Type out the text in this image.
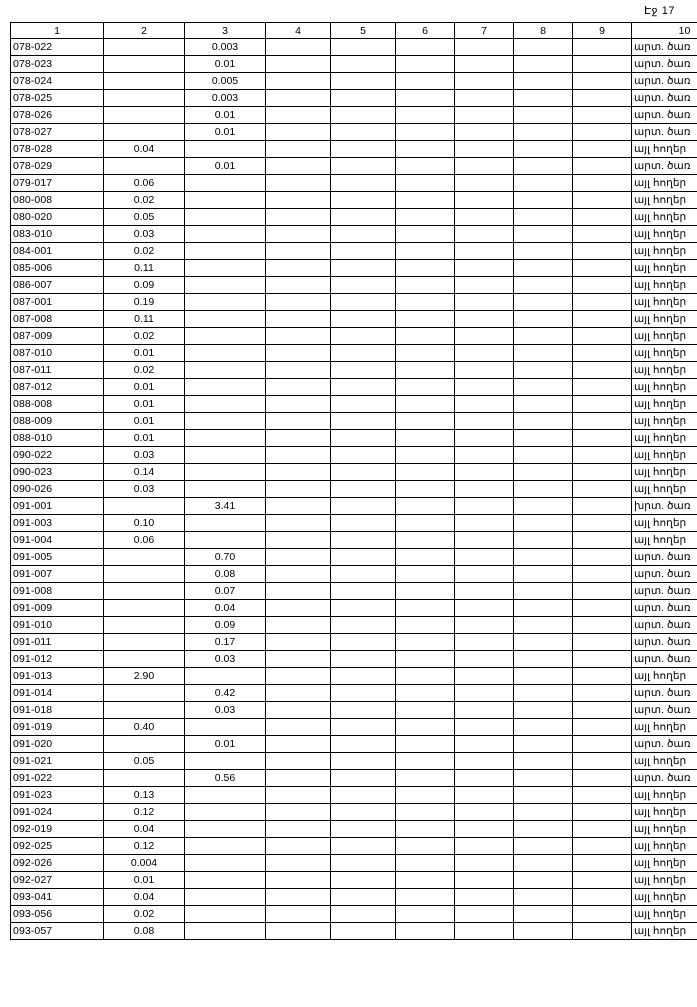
Էջ 17
1	2	3	4	5	6	7	8	9	10
078-022		0.003							արտ. ծառ
078-023		0.01							արտ. ծառ
078-024		0.005							արտ. ծառ
078-025		0.003							արտ. ծառ
078-026		0.01							արտ. ծառ
078-027		0.01							արտ. ծառ
078-028	0.04								այլ հողեր
078-029		0.01							արտ. ծառ
079-017	0.06								այլ հողեր
080-008	0.02								այլ հողեր
080-020	0.05								այլ հողեր
083-010	0.03								այլ հողեր
084-001	0.02								այլ հողեր
085-006	0.11								այլ հողեր
086-007	0.09								այլ հողեր
087-001	0.19								այլ հողեր
087-008	0.11								այլ հողեր
087-009	0.02								այլ հողեր
087-010	0.01								այլ հողեր
087-011	0.02								այլ հողեր
087-012	0.01								այլ հողեր
088-008	0.01								այլ հողեր
088-009	0.01								այլ հողեր
088-010	0.01								այլ հողեր
090-022	0.03								այլ հողեր
090-023	0.14								այլ հողեր
090-026	0.03								այլ հողեր
091-001		3.41							խրտ. ծառ
091-003	0.10								այլ հողեր
091-004	0.06								այլ հողեր
091-005		0.70							արտ. ծառ
091-007		0.08							արտ. ծառ
091-008		0.07							արտ. ծառ
091-009		0.04							արտ. ծառ
091-010		0.09							արտ. ծառ
091-011		0.17							արտ. ծառ
091-012		0.03							արտ. ծառ
091-013	2.90								այլ հողեր
091-014		0.42							արտ. ծառ
091-018		0.03							արտ. ծառ
091-019	0.40								այլ հողեր
091-020		0.01							արտ. ծառ
091-021	0.05								այլ հողեր
091-022		0.56							արտ. ծառ
091-023	0.13								այլ հողեր
091-024	0.12								այլ հողեր
092-019	0.04								այլ հողեր
092-025	0.12								այլ հողեր
092-026	0.004								այլ հողեր
092-027	0.01								այլ հողեր
093-041	0.04								այլ հողեր
093-056	0.02								այլ հողեր
093-057	0.08								այլ հողեր
